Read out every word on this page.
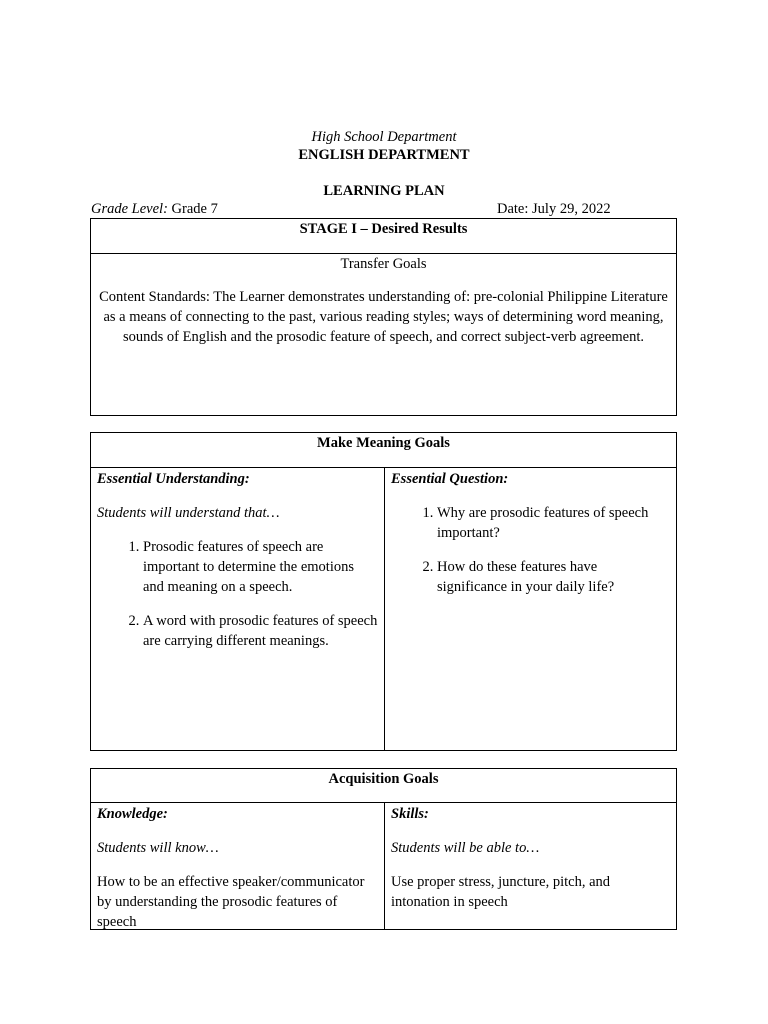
High School Department
ENGLISH DEPARTMENT
LEARNING PLAN
Grade Level: Grade 7	Date: July 29, 2022
STAGE I – Desired Results

Transfer Goals

Content Standards: The Learner demonstrates understanding of: pre-colonial Philippine Literature as a means of connecting to the past, various reading styles; ways of determining word meaning, sounds of English and the prosodic feature of speech, and correct subject-verb agreement.

Make Meaning Goals

Essential Understanding:

Students will understand that…

1. Prosodic features of speech are important to determine the emotions and meaning on a speech.
2. A word with prosodic features of speech are carrying different meanings.

Essential Question:

1. Why are prosodic features of speech important?
2. How do these features have significance in your daily life?
Acquisition Goals

Knowledge:

Students will know…

How to be an effective speaker/communicator by understanding the prosodic features of speech

Skills:

Students will be able to…

Use proper stress, juncture, pitch, and intonation in speech
